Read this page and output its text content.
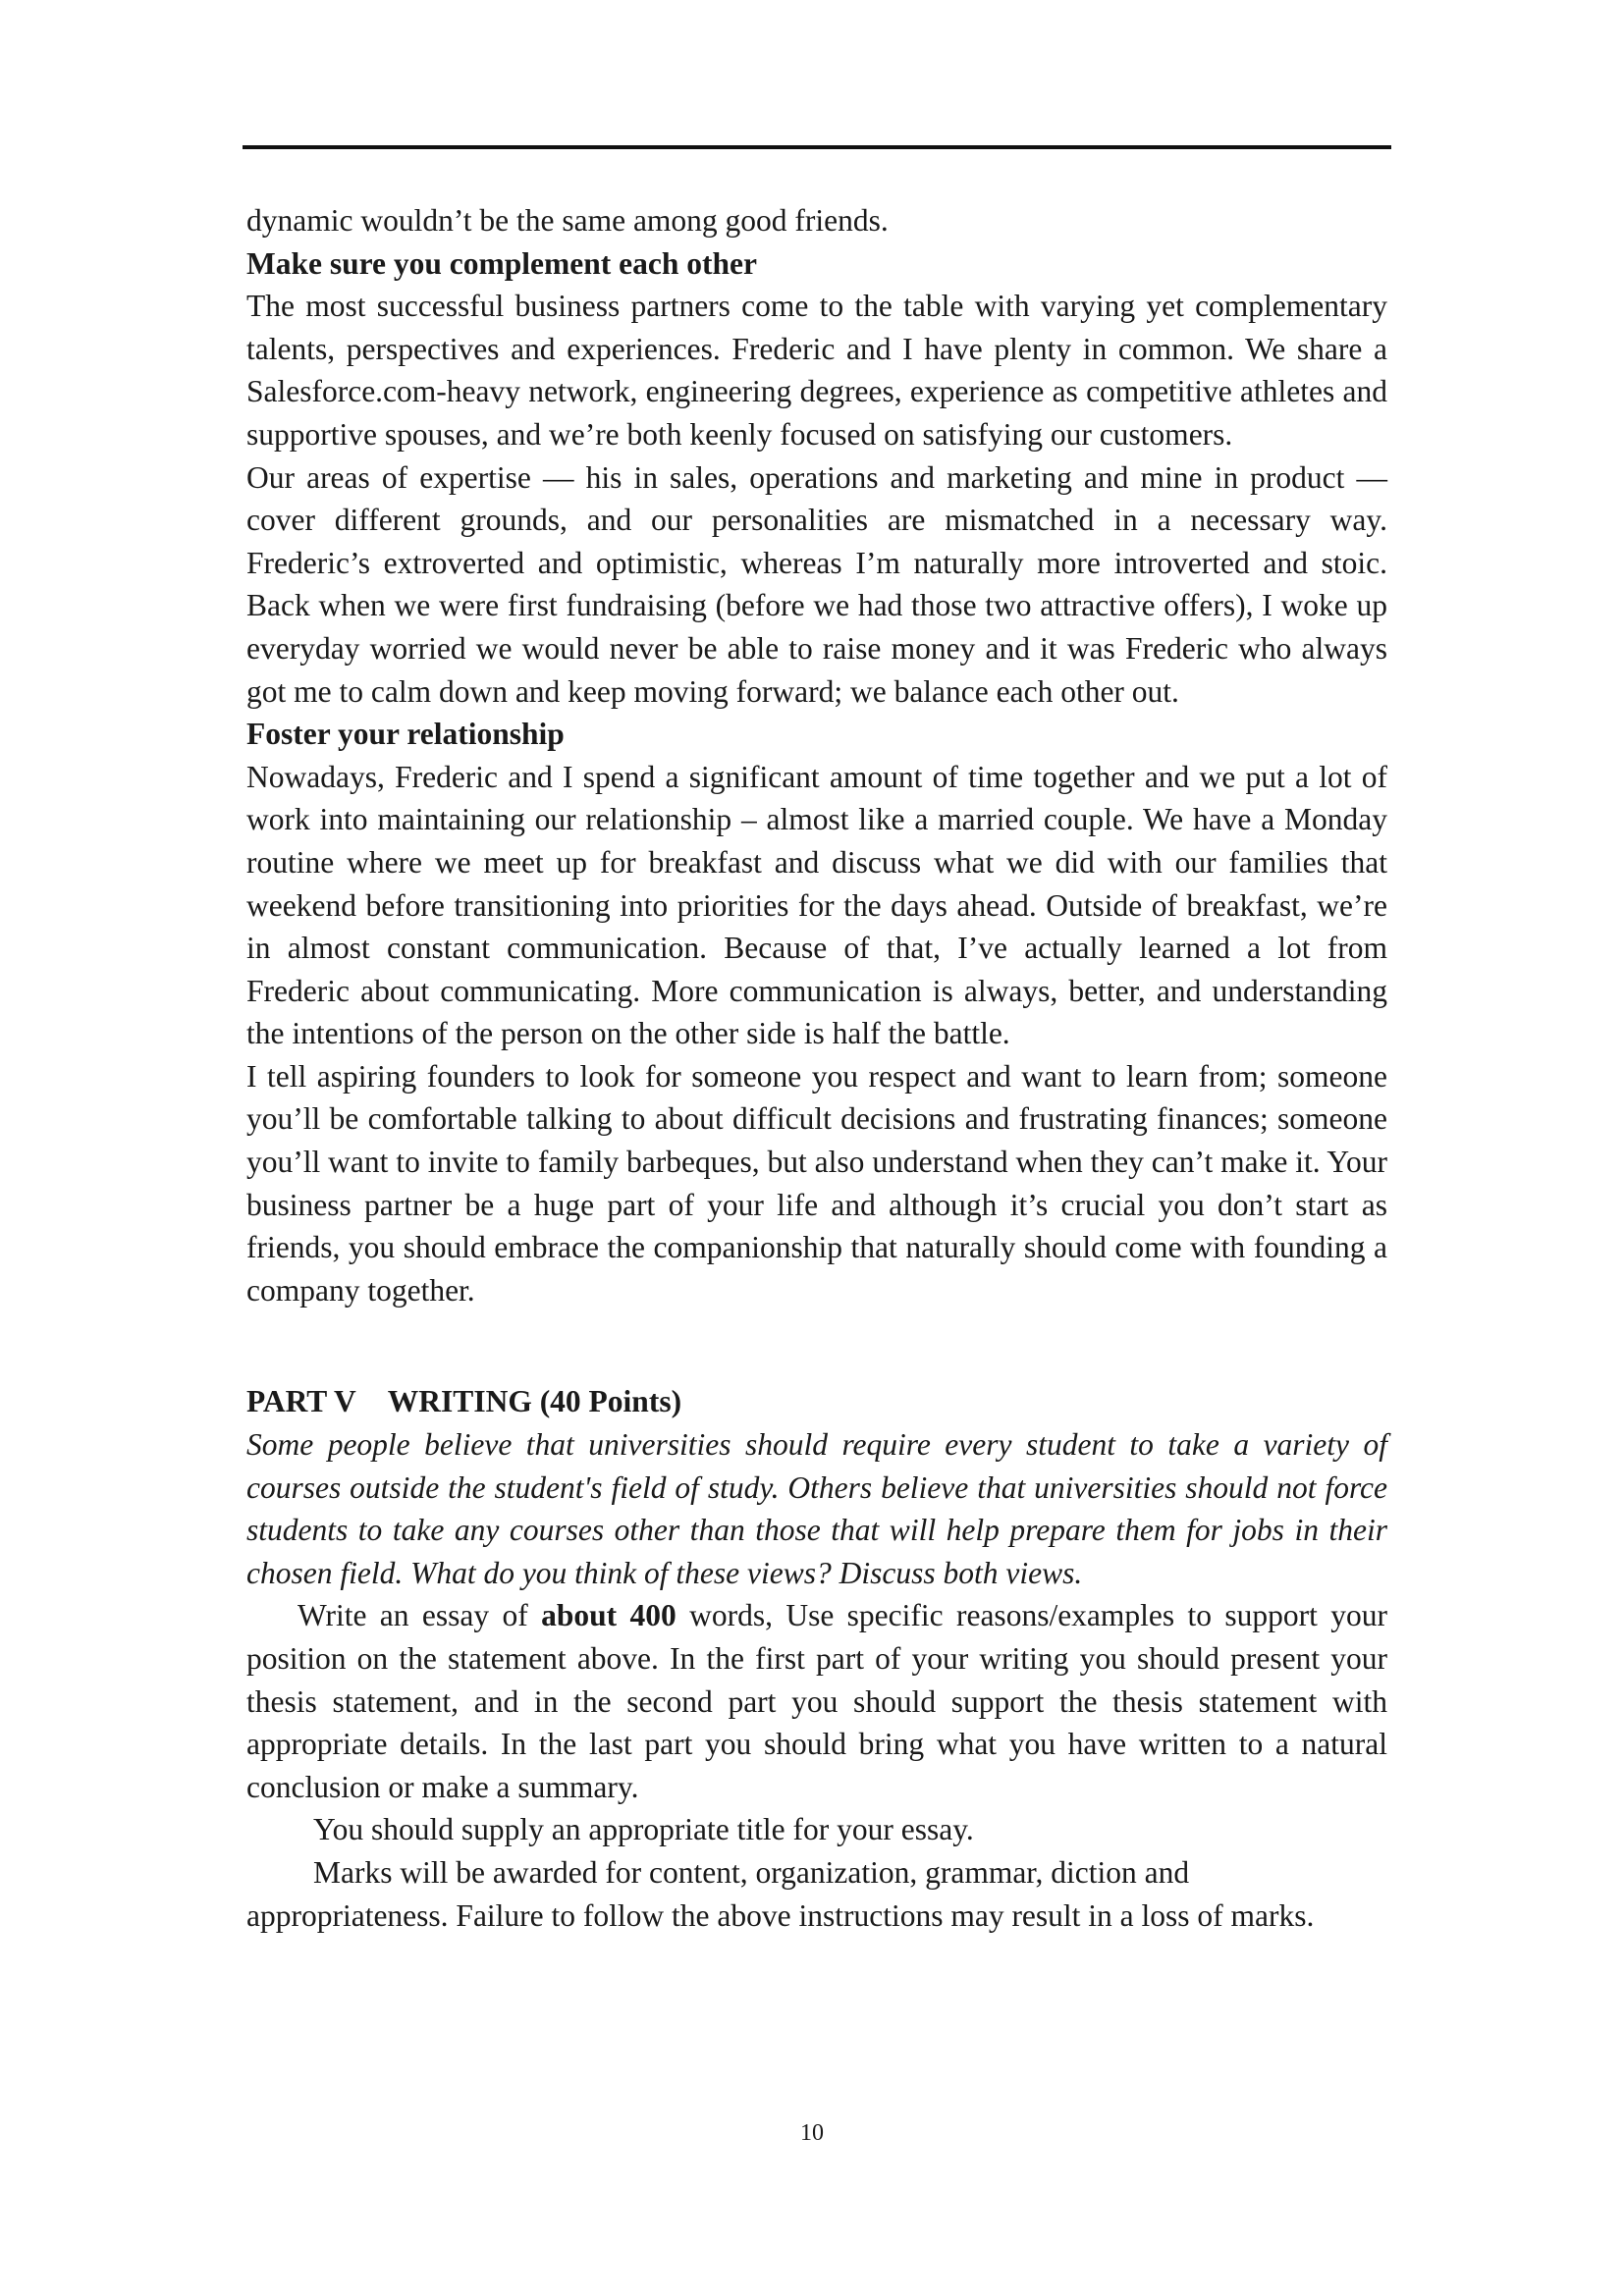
dynamic wouldn’t be the same among good friends.

Make sure you complement each other

The most successful business partners come to the table with varying yet complementary talents, perspectives and experiences. Frederic and I have plenty in common. We share a Salesforce.com-heavy network, engineering degrees, experience as competitive athletes and supportive spouses, and we’re both keenly focused on satisfying our customers.

Our areas of expertise — his in sales, operations and marketing and mine in product — cover different grounds, and our personalities are mismatched in a necessary way. Frederic’s extroverted and optimistic, whereas I’m naturally more introverted and stoic. Back when we were first fundraising (before we had those two attractive offers), I woke up everyday worried we would never be able to raise money and it was Frederic who always got me to calm down and keep moving forward; we balance each other out.

Foster your relationship

Nowadays, Frederic and I spend a significant amount of time together and we put a lot of work into maintaining our relationship – almost like a married couple. We have a Monday routine where we meet up for breakfast and discuss what we did with our families that weekend before transitioning into priorities for the days ahead. Outside of breakfast, we’re in almost constant communication. Because of that, I’ve actually learned a lot from Frederic about communicating. More communication is always, better, and understanding the intentions of the person on the other side is half the battle.

I tell aspiring founders to look for someone you respect and want to learn from; someone you’ll be comfortable talking to about difficult decisions and frustrating finances; someone you’ll want to invite to family barbeques, but also understand when they can’t make it. Your business partner be a huge part of your life and although it’s crucial you don’t start as friends, you should embrace the companionship that naturally should come with founding a company together.

PART V WRITING (40 Points)

Some people believe that universities should require every student to take a variety of courses outside the student's field of study. Others believe that universities should not force students to take any courses other than those that will help prepare them for jobs in their chosen field. What do you think of these views? Discuss both views.

Write an essay of about 400 words, Use specific reasons/examples to support your position on the statement above. In the first part of your writing you should present your thesis statement, and in the second part you should support the thesis statement with appropriate details. In the last part you should bring what you have written to a natural conclusion or make a summary.

You should supply an appropriate title for your essay.

Marks will be awarded for content, organization, grammar, diction and

appropriateness. Failure to follow the above instructions may result in a loss of marks.

10
